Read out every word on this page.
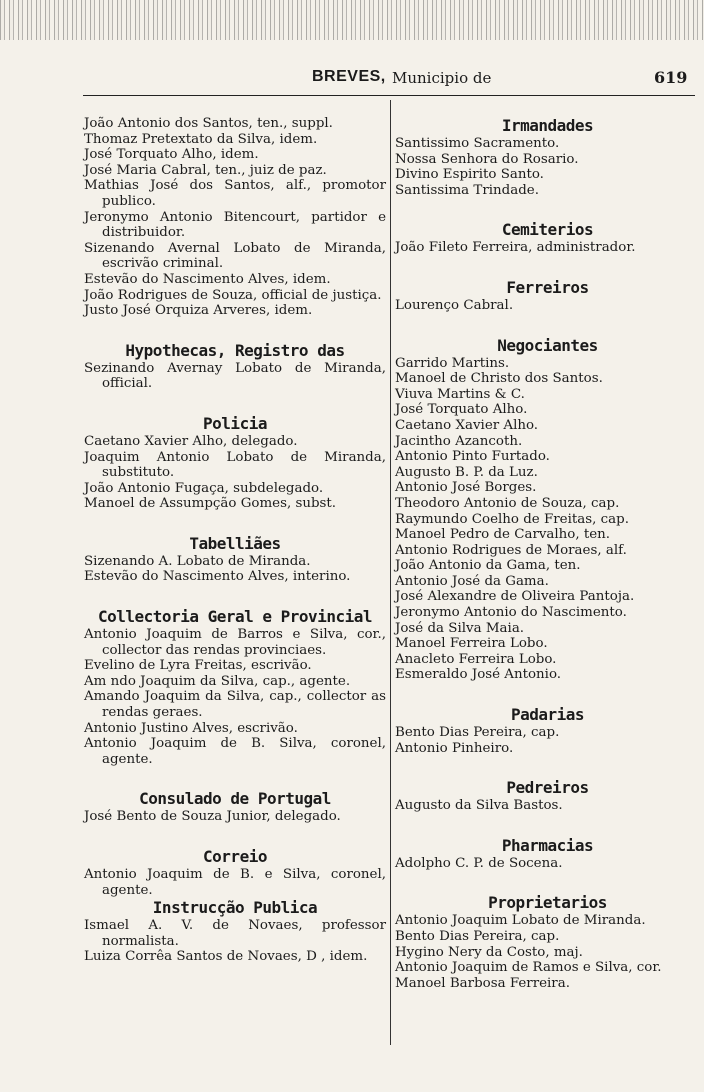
BREVES, Municipio de	619
João Antonio dos Santos, ten., suppl.
Thomaz Pretextato da Silva, idem.
José Torquato Alho, idem.
José Maria Cabral, ten., juiz de paz.
Mathias José dos Santos, alf., promotor publico.
Jeronymo Antonio Bitencourt, partidor e distribuidor.
Sizenando Avernal Lobato de Miranda, escrivão criminal.
Estevão do Nascimento Alves, idem.
João Rodrigues de Souza, official de justiça.
Justo José Orquiza Arveres, idem.
Hypothecas, Registro das
Sezinando Avernay Lobato de Miranda, official.
Policia
Caetano Xavier Alho, delegado.
Joaquim Antonio Lobato de Miranda, substituto.
João Antonio Fugaça, subdelegado.
Manoel de Assumpção Gomes, subst.
Tabelliães
Sizenando A. Lobato de Miranda.
Estevão do Nascimento Alves, interino.
Collectoria Geral e Provincial
Antonio Joaquim de Barros e Silva, cor., collector das rendas provinciaes.
Evelino de Lyra Freitas, escrivão.
Am ndo Joaquim da Silva, cap., agente.
Amando Joaquim da Silva, cap., collector as rendas geraes.
Antonio Justino Alves, escrivão.
Antonio Joaquim de B. Silva, coronel, agente.
Consulado de Portugal
José Bento de Souza Junior, delegado.
Correio
Antonio Joaquim de B. e Silva, coronel, agente.
Instrucção Publica
Ismael A. V. de Novaes, professor normalista.
Luiza Corrêa Santos de Novaes, D , idem.
Irmandades
Santissimo Sacramento.
Nossa Senhora do Rosario.
Divino Espirito Santo.
Santissima Trindade.
Cemiterios
João Fileto Ferreira, administrador.
Ferreiros
Lourenço Cabral.
Negociantes
Garrido Martins.
Manoel de Christo dos Santos.
Viuva Martins & C.
José Torquato Alho.
Caetano Xavier Alho.
Jacintho Azancoth.
Antonio Pinto Furtado.
Augusto B. P. da Luz.
Antonio José Borges.
Theodoro Antonio de Souza, cap.
Raymundo Coelho de Freitas, cap.
Manoel Pedro de Carvalho, ten.
Antonio Rodrigues de Moraes, alf.
João Antonio da Gama, ten.
Antonio José da Gama.
José Alexandre de Oliveira Pantoja.
Jeronymo Antonio do Nascimento.
José da Silva Maia.
Manoel Ferreira Lobo.
Anacleto Ferreira Lobo.
Esmeraldo José Antonio.
Padarias
Bento Dias Pereira, cap.
Antonio Pinheiro.
Pedreiros
Augusto da Silva Bastos.
Pharmacias
Adolpho C. P. de Socena.
Proprietarios
Antonio Joaquim Lobato de Miranda.
Bento Dias Pereira, cap.
Hygino Nery da Costo, maj.
Antonio Joaquim de Ramos e Silva, cor.
Manoel Barbosa Ferreira.
